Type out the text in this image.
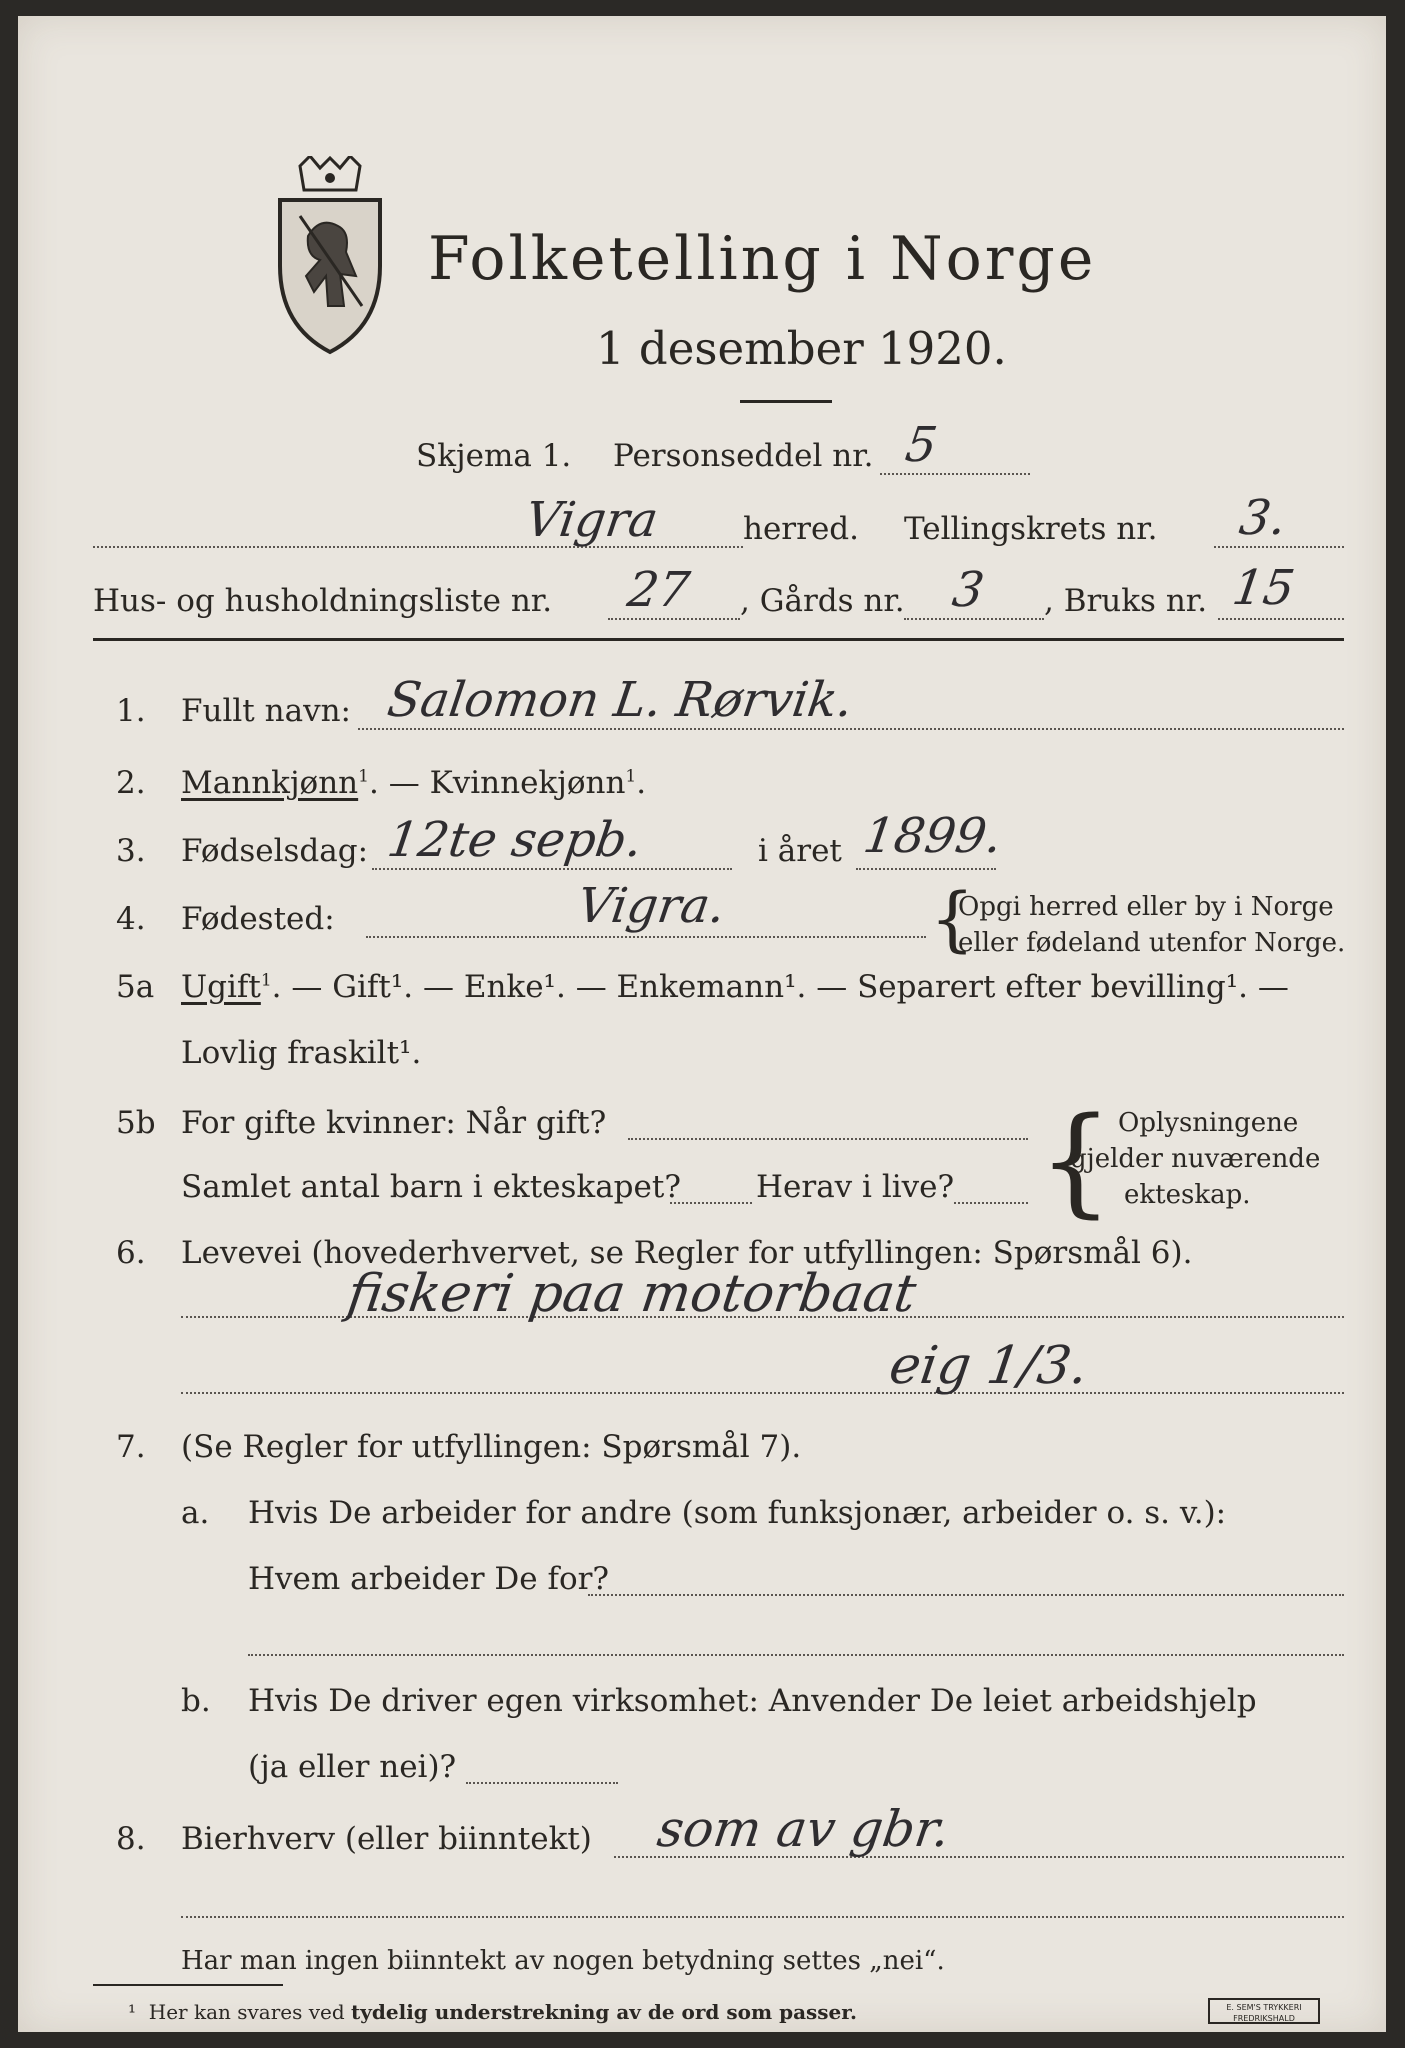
Folketelling i Norge
1 desember 1920.
Skjema 1. Personseddel nr. 5
Vigra	herred. Tellingskrets nr. 3.
Hus- og husholdningsliste nr. 27 , Gårds nr. 3 , Bruks nr. 15
1. Fullt navn: Salomon L. Rørvik.
2. Mannkjønn$^1$. — Kvinnekjønn$^1$.
3. Fødselsdag: 12te sepb.	i året 1899.
4. Fødested:	Vigra.	{
Opgi herred eller by i Norge
eller fødeland utenfor Norge.
5a Ugift$^1$. — Gift¹. — Enke¹. — Enkemann¹. — Separert efter bevilling¹. —
Lovlig fraskilt¹.
5b For gifte kvinner: Når gift?
Samlet antal barn i ekteskapet? Herav i live? { Oplysningene
gjelder nuværende
ekteskap.
6. Levevei (hovederhvervet, se Regler for utfyllingen: Spørsmål 6).
fiskeri paa motorbaat
eig 1/3.
7. (Se Regler for utfyllingen: Spørsmål 7).
a. Hvis De arbeider for andre (som funksjonær, arbeider o. s. v.):
Hvem arbeider De for?
b. Hvis De driver egen virksomhet: Anvender De leiet arbeidshjelp
(ja eller nei)?
8. Bierhverv (eller biinntekt) som av gbr.
Har man ingen biinntekt av nogen betydning settes „nei“.
¹ Her kan svares ved tydelig understrekning av de ord som passer.	E. SEM'S TRYKKERI
FREDRIKSHALD
